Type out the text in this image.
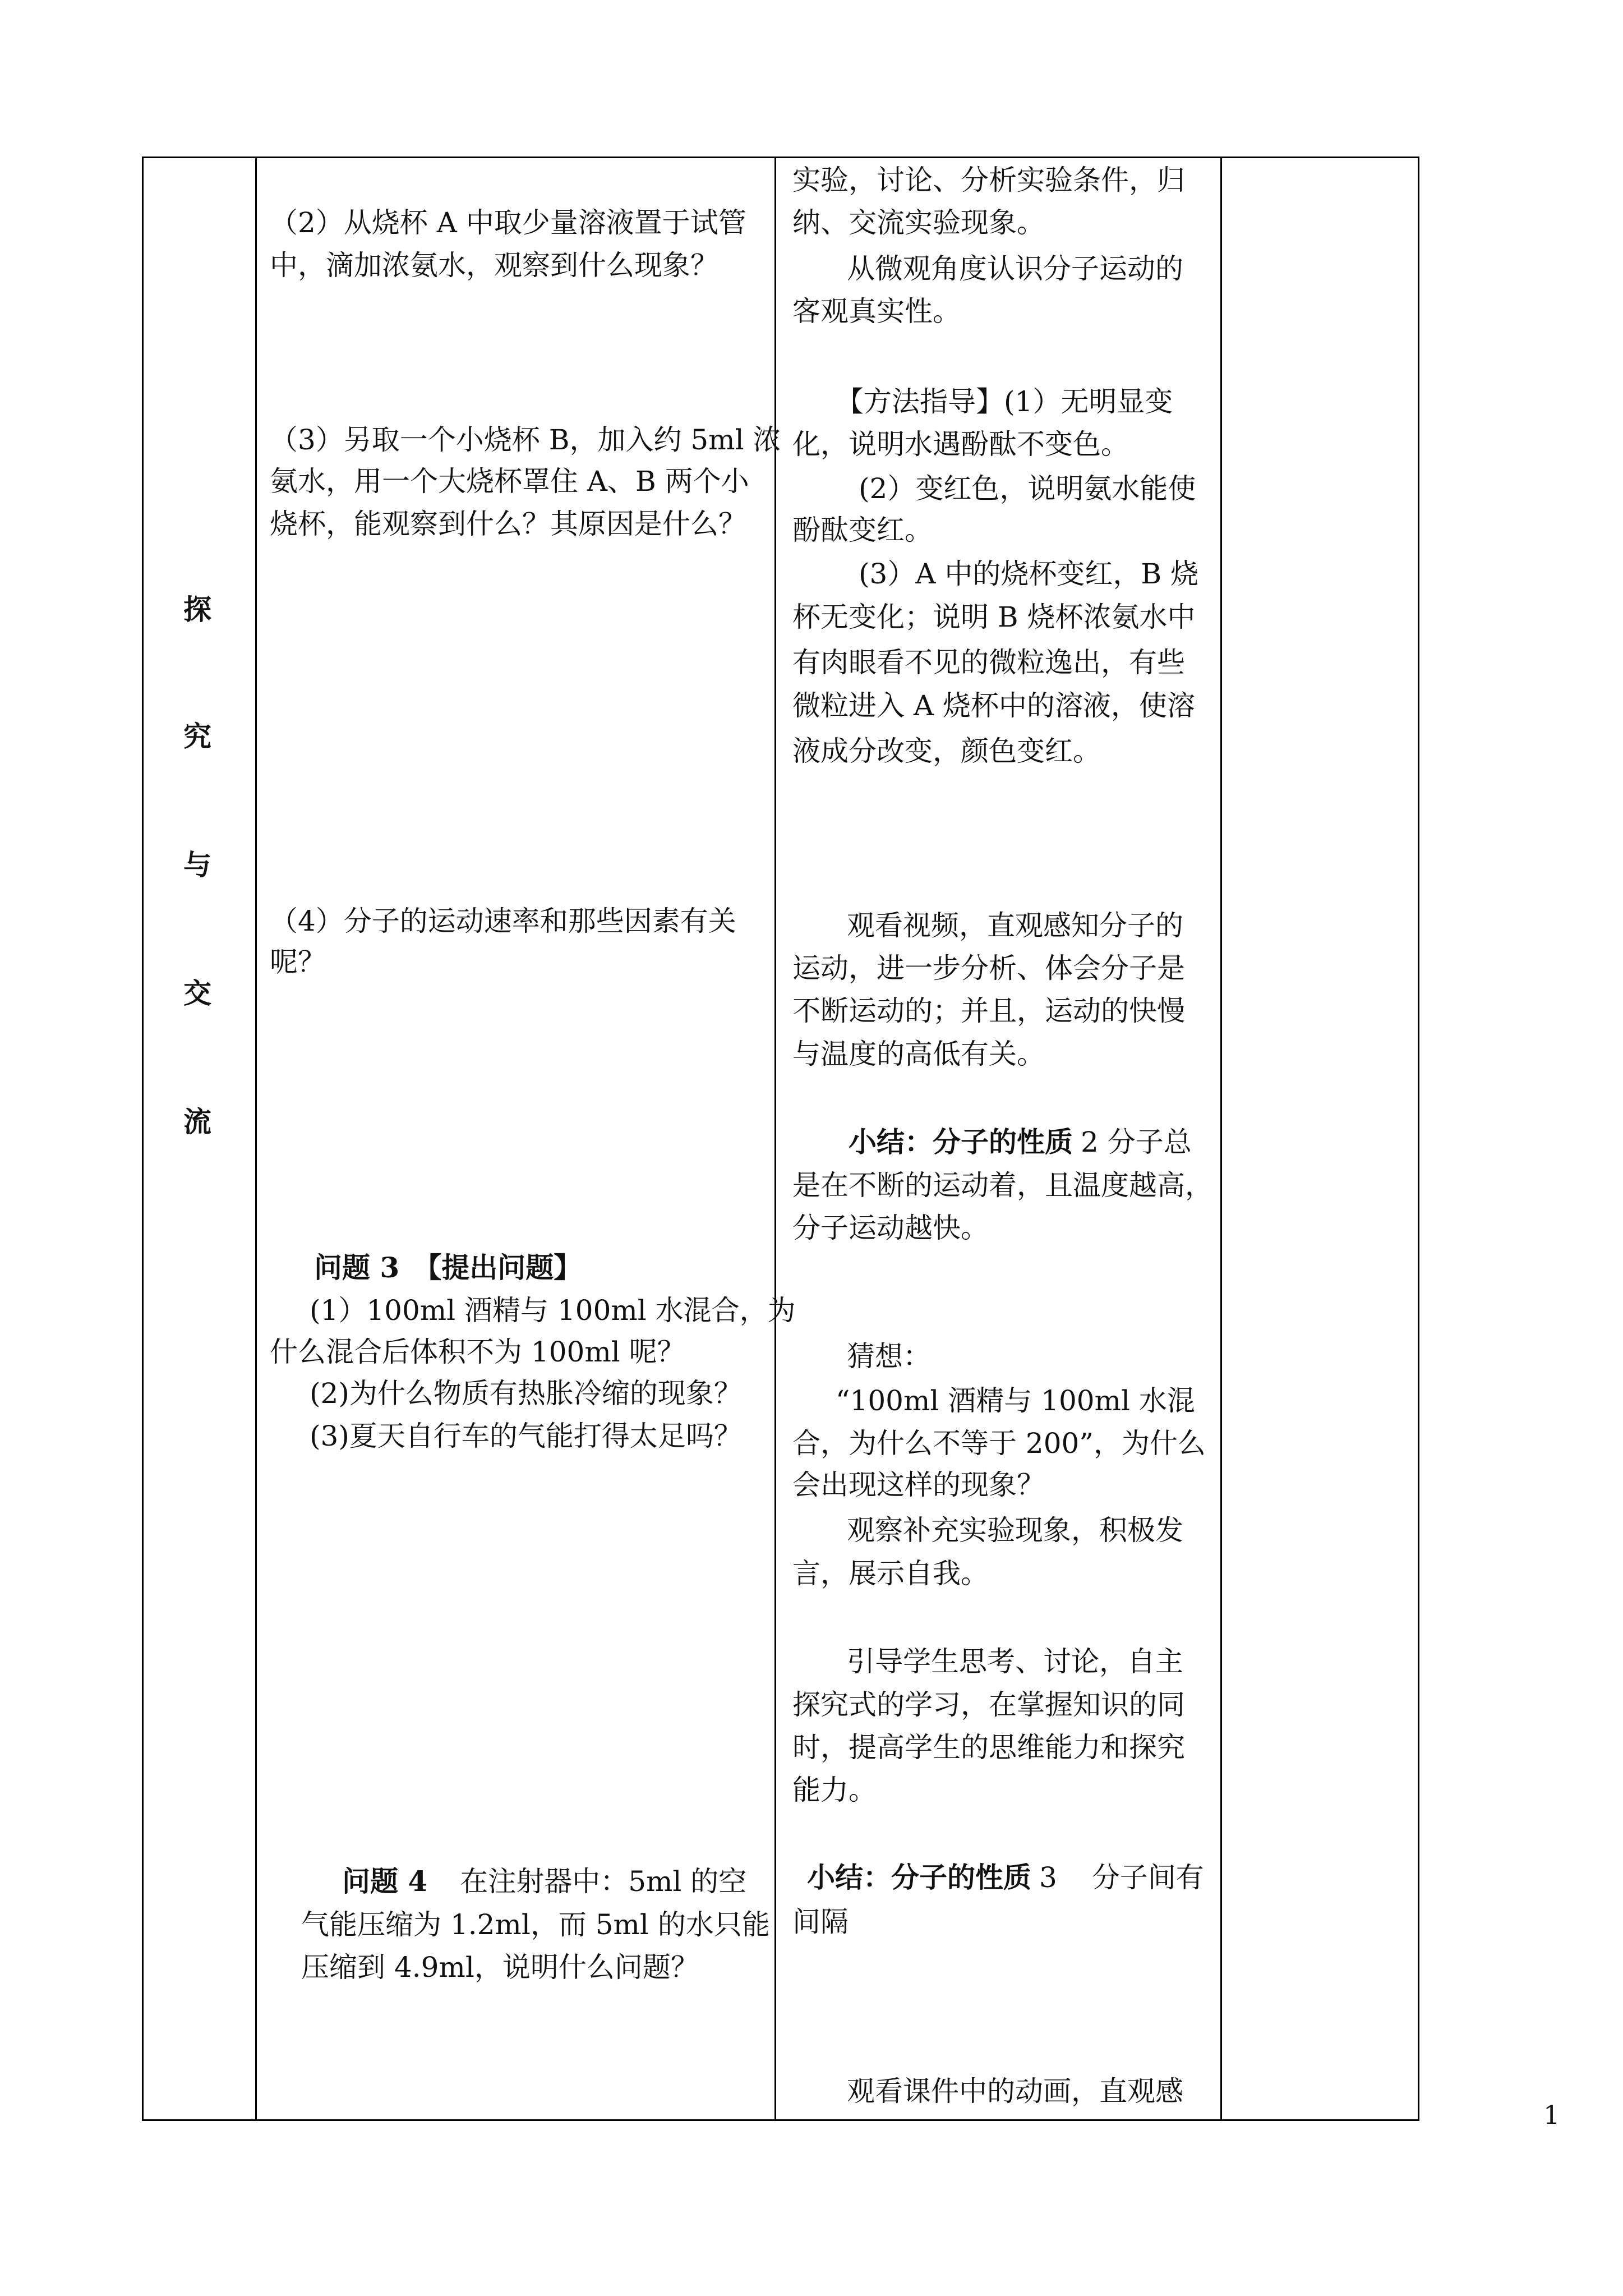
探
究
与
交
流
（2）从烧杯 A 中取少量溶液置于试管
中，滴加浓氨水，观察到什么现象？
（3）另取一个小烧杯 B，加入约 5ml 浓
氨水，用一个大烧杯罩住 A、B 两个小
烧杯，能观察到什么？其原因是什么？
（4）分子的运动速率和那些因素有关
呢？
问题 3　【提出问题】
(1）100ml 酒精与 100ml 水混合，为
什么混合后体积不为 100ml 呢？
(2)为什么物质有热胀冷缩的现象？
(3)夏天自行车的气能打得太足吗？
问题 4 在注射器中：5ml 的空
气能压缩为 1.2ml，而 5ml 的水只能
压缩到 4.9ml，说明什么问题？
实验，讨论、分析实验条件，归
纳、交流实验现象。
从微观角度认识分子运动的
客观真实性。
【方法指导】(1）无明显变
化，说明水遇酚酞不变色。
(2）变红色，说明氨水能使
酚酞变红。
(3）A 中的烧杯变红，B 烧
杯无变化；说明 B 烧杯浓氨水中
有肉眼看不见的微粒逸出，有些
微粒进入 A 烧杯中的溶液，使溶
液成分改变，颜色变红。
观看视频，直观感知分子的
运动，进一步分析、体会分子是
不断运动的；并且，运动的快慢
与温度的高低有关。
小结：分子的性质 2 分子总
是在不断的运动着，且温度越高，
分子运动越快。
猜想：
“100ml 酒精与 100ml 水混
合，为什么不等于 200”，为什么
会出现这样的现象？
观察补充实验现象，积极发
言，展示自我。
引导学生思考、讨论，自主
探究式的学习，在掌握知识的同
时，提高学生的思维能力和探究
能力。
小结：分子的性质 3 分子间有
间隔
观看课件中的动画，直观感
1
